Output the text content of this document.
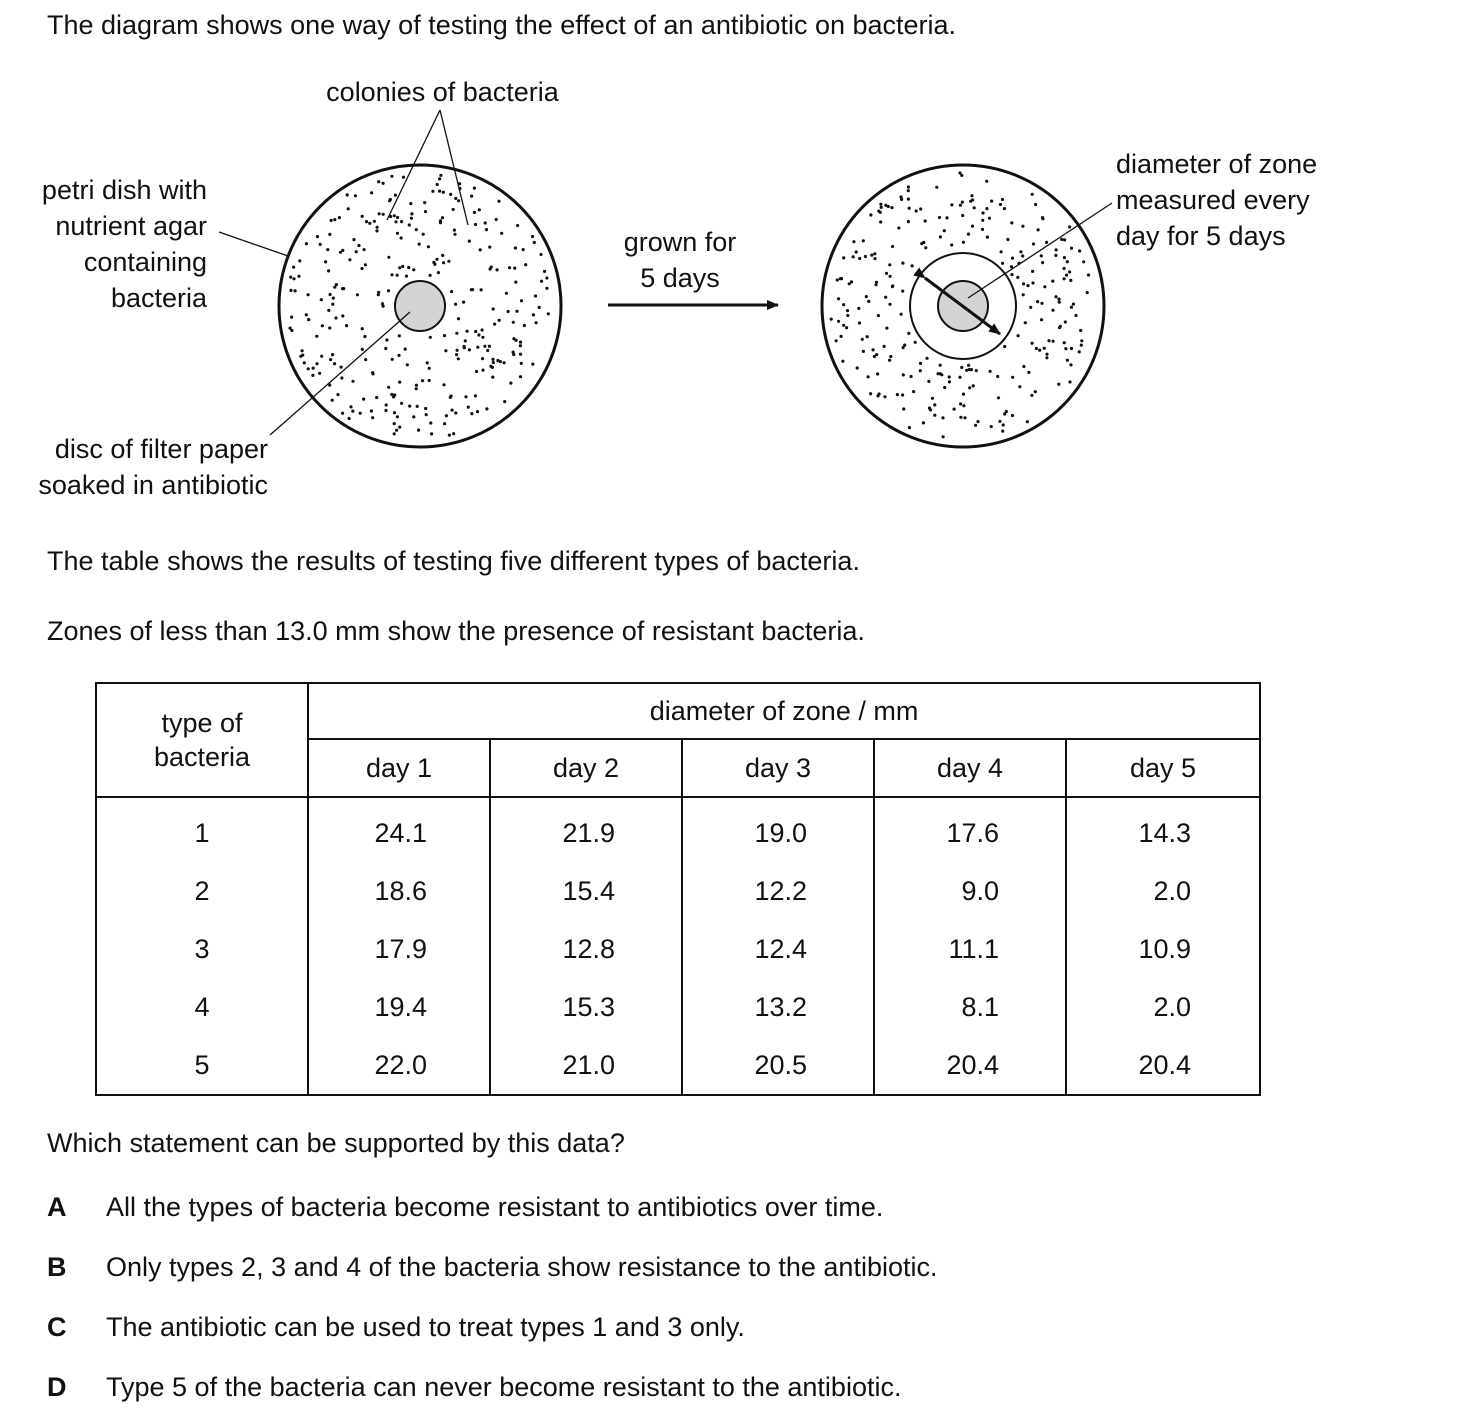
The diagram shows one way of testing the effect of an antibiotic on bacteria.
colonies of bacteria
petri dish with
nutrient agar
containing
bacteria
disc of filter paper
soaked in antibiotic
grown for
5 days
diameter of zone
measured every
day for 5 days
The table shows the results of testing five different types of bacteria.
Zones of less than 13.0 mm show the presence of resistant bacteria.
type of
bacteria	diameter of zone / mm				
	day 1	day 2	day 3	day 4	day 5
1	24.1	21.9	19.0	17.6	14.3
2	18.6	15.4	12.2	9.0	2.0
3	17.9	12.8	12.4	11.1	10.9
4	19.4	15.3	13.2	8.1	2.0
5	22.0	21.0	20.5	20.4	20.4
Which statement can be supported by this data?
A All the types of bacteria become resistant to antibiotics over time.
B Only types 2, 3 and 4 of the bacteria show resistance to the antibiotic.
C The antibiotic can be used to treat types 1 and 3 only.
D Type 5 of the bacteria can never become resistant to the antibiotic.
